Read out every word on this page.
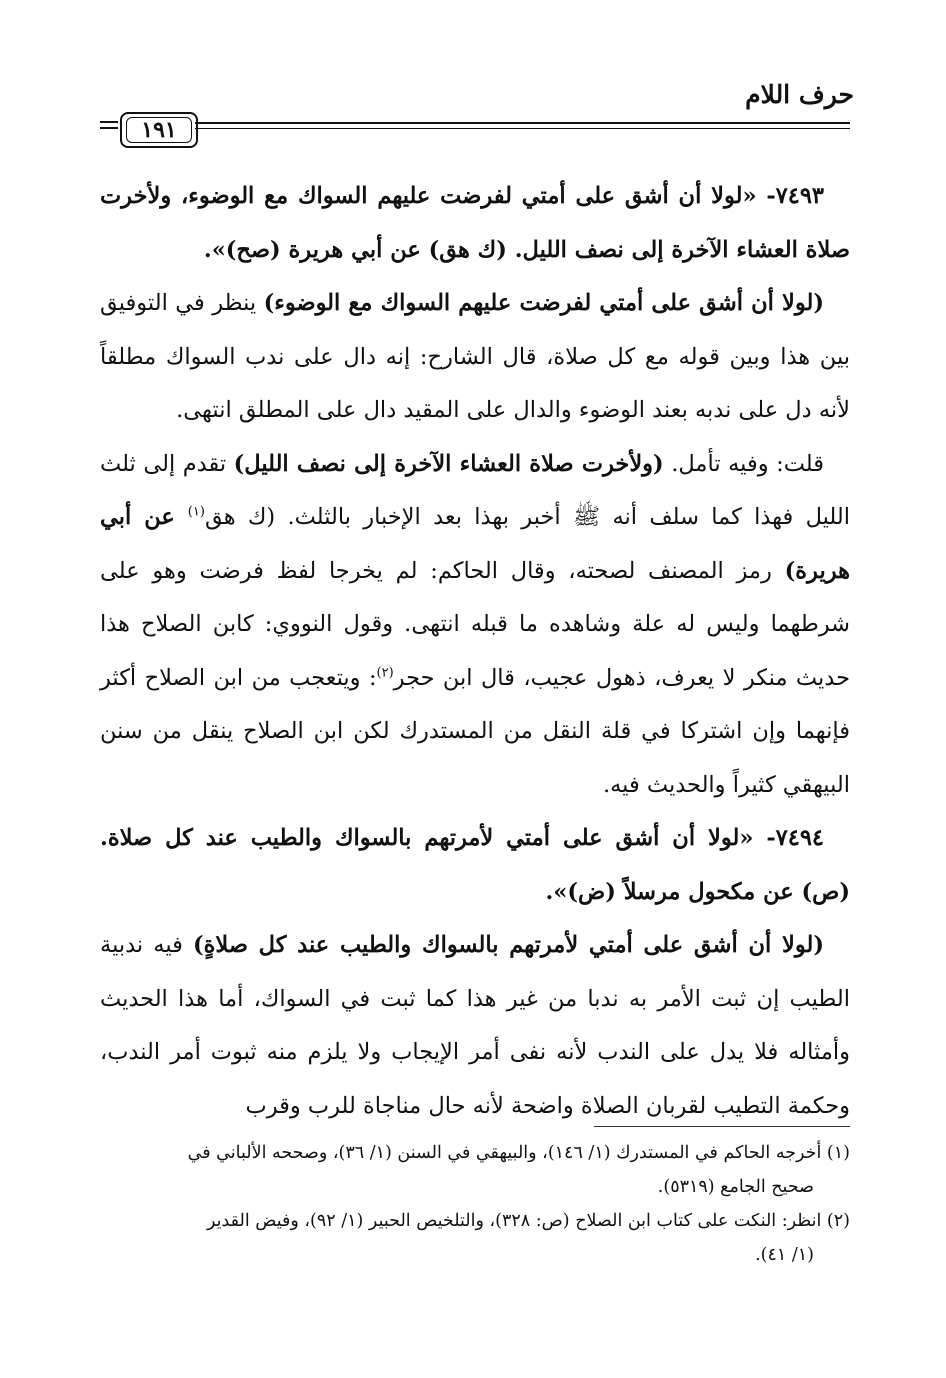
حرف اللام
١٩١

٧٤٩٣- «لولا أن أشق على أمتي لفرضت عليهم السواك مع الوضوء، ولأخرت صلاة العشاء الآخرة إلى نصف الليل. (ك هق) عن أبي هريرة (صح)».

(لولا أن أشق على أمتي لفرضت عليهم السواك مع الوضوء) ينظر في التوفيق بين هذا وبين قوله مع كل صلاة، قال الشارح: إنه دال على ندب السواك مطلقاً لأنه دل على ندبه بعند الوضوء والدال على المقيد دال على المطلق انتهى.

قلت: وفيه تأمل. (ولأخرت صلاة العشاء الآخرة إلى نصف الليل) تقدم إلى ثلث الليل فهذا كما سلف أنه ﷺ أخبر بهذا بعد الإخبار بالثلث. (ك هق$^{(١)}$ عن أبي هريرة) رمز المصنف لصحته، وقال الحاكم: لم يخرجا لفظ فرضت وهو على شرطهما وليس له علة وشاهده ما قبله انتهى. وقول النووي: كابن الصلاح هذا حديث منكر لا يعرف، ذهول عجيب، قال ابن حجر$^{(٢)}$: ويتعجب من ابن الصلاح أكثر فإنهما وإن اشتركا في قلة النقل من المستدرك لكن ابن الصلاح ينقل من سنن البيهقي كثيراً والحديث فيه.

٧٤٩٤- «لولا أن أشق على أمتي لأمرتهم بالسواك والطيب عند كل صلاة. (ص) عن مكحول مرسلاً (ض)».

(لولا أن أشق على أمتي لأمرتهم بالسواك والطيب عند كل صلاةٍ) فيه ندبية الطيب إن ثبت الأمر به ندبا من غير هذا كما ثبت في السواك، أما هذا الحديث وأمثاله فلا يدل على الندب لأنه نفى أمر الإيجاب ولا يلزم منه ثبوت أمر الندب، وحكمة التطيب لقربان الصلاة واضحة لأنه حال مناجاة للرب وقرب

(١) أخرجه الحاكم في المستدرك (١/ ١٤٦)، والبيهقي في السنن (١/ ٣٦)، وصححه الألباني في

صحيح الجامع (٥٣١٩).

(٢) انظر: النكت على كتاب ابن الصلاح (ص: ٣٢٨)، والتلخيص الحبير (١/ ٩٢)، وفيض القدير

(١/ ٤١).
